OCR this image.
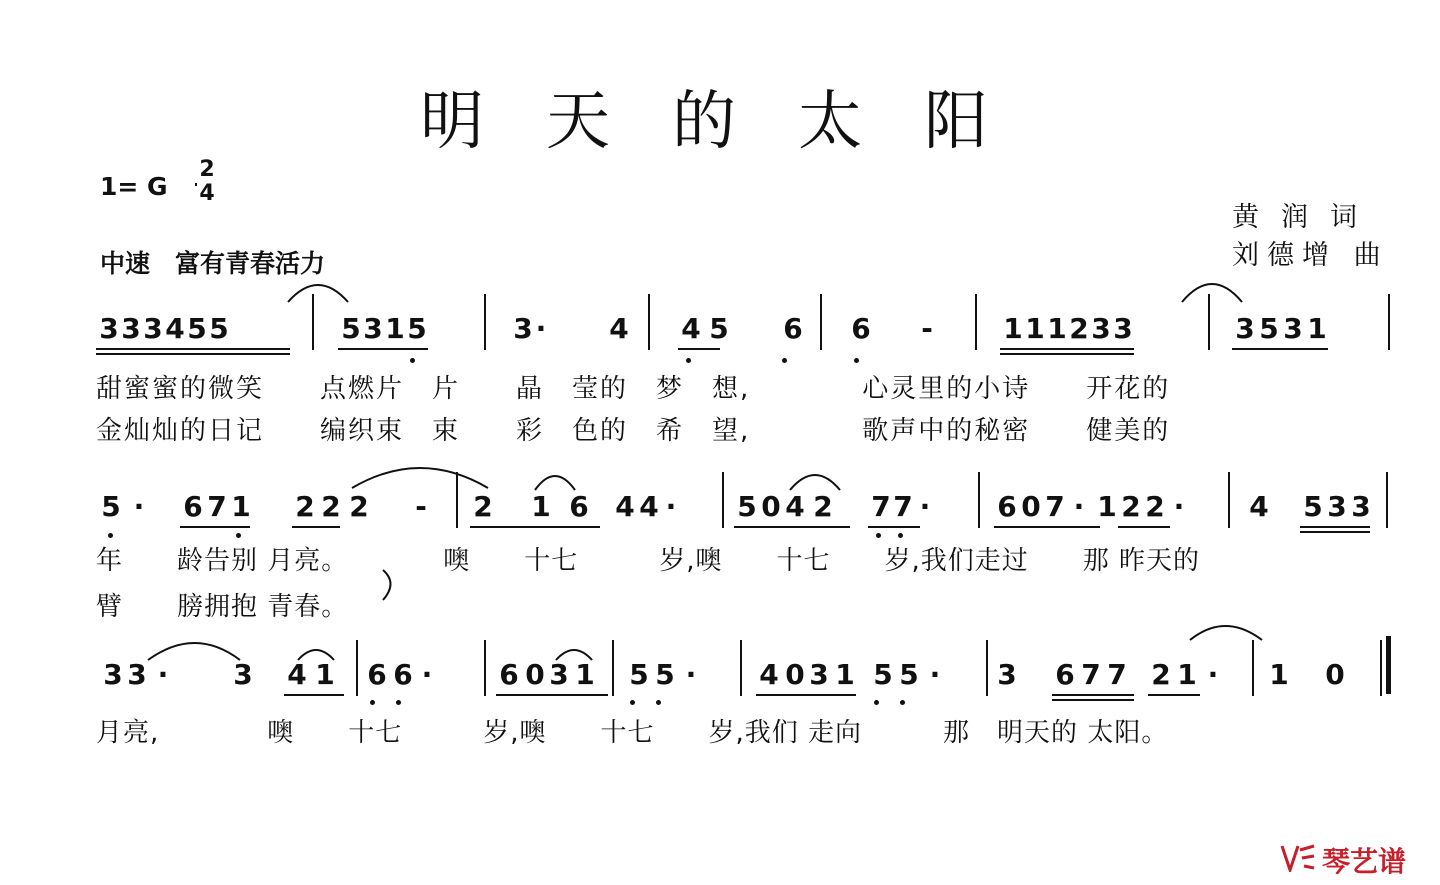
明天的太阳
1= G
2
4
中速　富有青春活力
黄润词
刘德增 曲
3 3 3 4 5 5	5 3 1 5	3 · 4 4 5 6 6 -	1 1 1 2 3 3	3 5 3 1
5 · 6 7 1 2 2 2 - 2 1 6 4 4 · 5 0 4 2 7 7 · 6 0 7 · 1 2 2 · 4 5 3 3
3 3 · 3 4 1 6 6 · 6 0 3 1 5 5 · 4 0 3 1 5 5 · 3 6 7 7 2 1 · 1 0
甜蜜蜜的微笑　　点燃片　片　　晶　莹的　梦　想,　　　　心灵里的小诗　　开花的
金灿灿的日记　　编织束　束　　彩　色的　希　望,　　　　歌声中的秘密　　健美的
年　　龄告别 月亮。　　　　噢　　十七　　　岁,噢　　十七　　岁,我们走过　　那 昨天的
臂　　膀拥抱 青春。
月亮,　　　　噢　　十七　　　岁,噢　　十七　　岁,我们 走向　　　那　明天的 太阳。
琴艺谱
